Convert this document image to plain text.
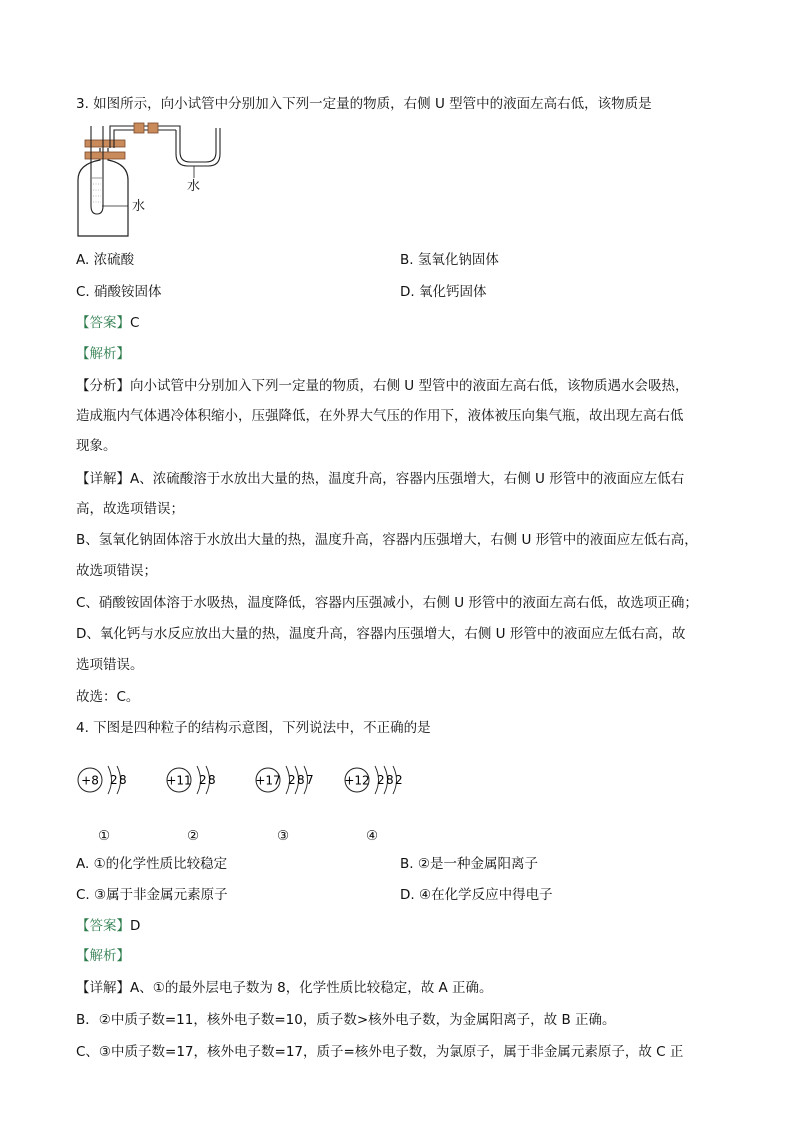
3. 如图所示，向小试管中分别加入下列一定量的物质，右侧 U 型管中的液面左高右低，该物质是
水
水
A. 浓硫酸	B. 氢氧化钠固体
C. 硝酸铵固体	D. 氧化钙固体
【答案】C
【解析】
【分析】向小试管中分别加入下列一定量的物质，右侧 U 型管中的液面左高右低，该物质遇水会吸热，
造成瓶内气体遇冷体积缩小，压强降低，在外界大气压的作用下，液体被压向集气瓶，故出现左高右低
现象。
【详解】A、浓硫酸溶于水放出大量的热，温度升高，容器内压强增大，右侧 U 形管中的液面应左低右
高，故选项错误；
B、氢氧化钠固体溶于水放出大量的热，温度升高，容器内压强增大，右侧 U 形管中的液面应左低右高，
故选项错误；
C、硝酸铵固体溶于水吸热，温度降低，容器内压强减小，右侧 U 形管中的液面左高右低，故选项正确；
D、氧化钙与水反应放出大量的热，温度升高，容器内压强增大，右侧 U 形管中的液面应左低右高，故
选项错误。
故选：C。
4. 下图是四种粒子的结构示意图，下列说法中，不正确的是
+8 2 8	+11 2 8	+17 2 8 7	+12 2 8 2
①	②	③	④
A. ①的化学性质比较稳定	B. ②是一种金属阳离子
C. ③属于非金属元素原子	D. ④在化学反应中得电子
【答案】D
【解析】
【详解】A、①的最外层电子数为 8，化学性质比较稳定，故 A 正确。
B．②中质子数=11，核外电子数=10，质子数>核外电子数，为金属阳离子，故 B 正确。
C、③中质子数=17，核外电子数=17，质子=核外电子数，为氯原子，属于非金属元素原子，故 C 正
